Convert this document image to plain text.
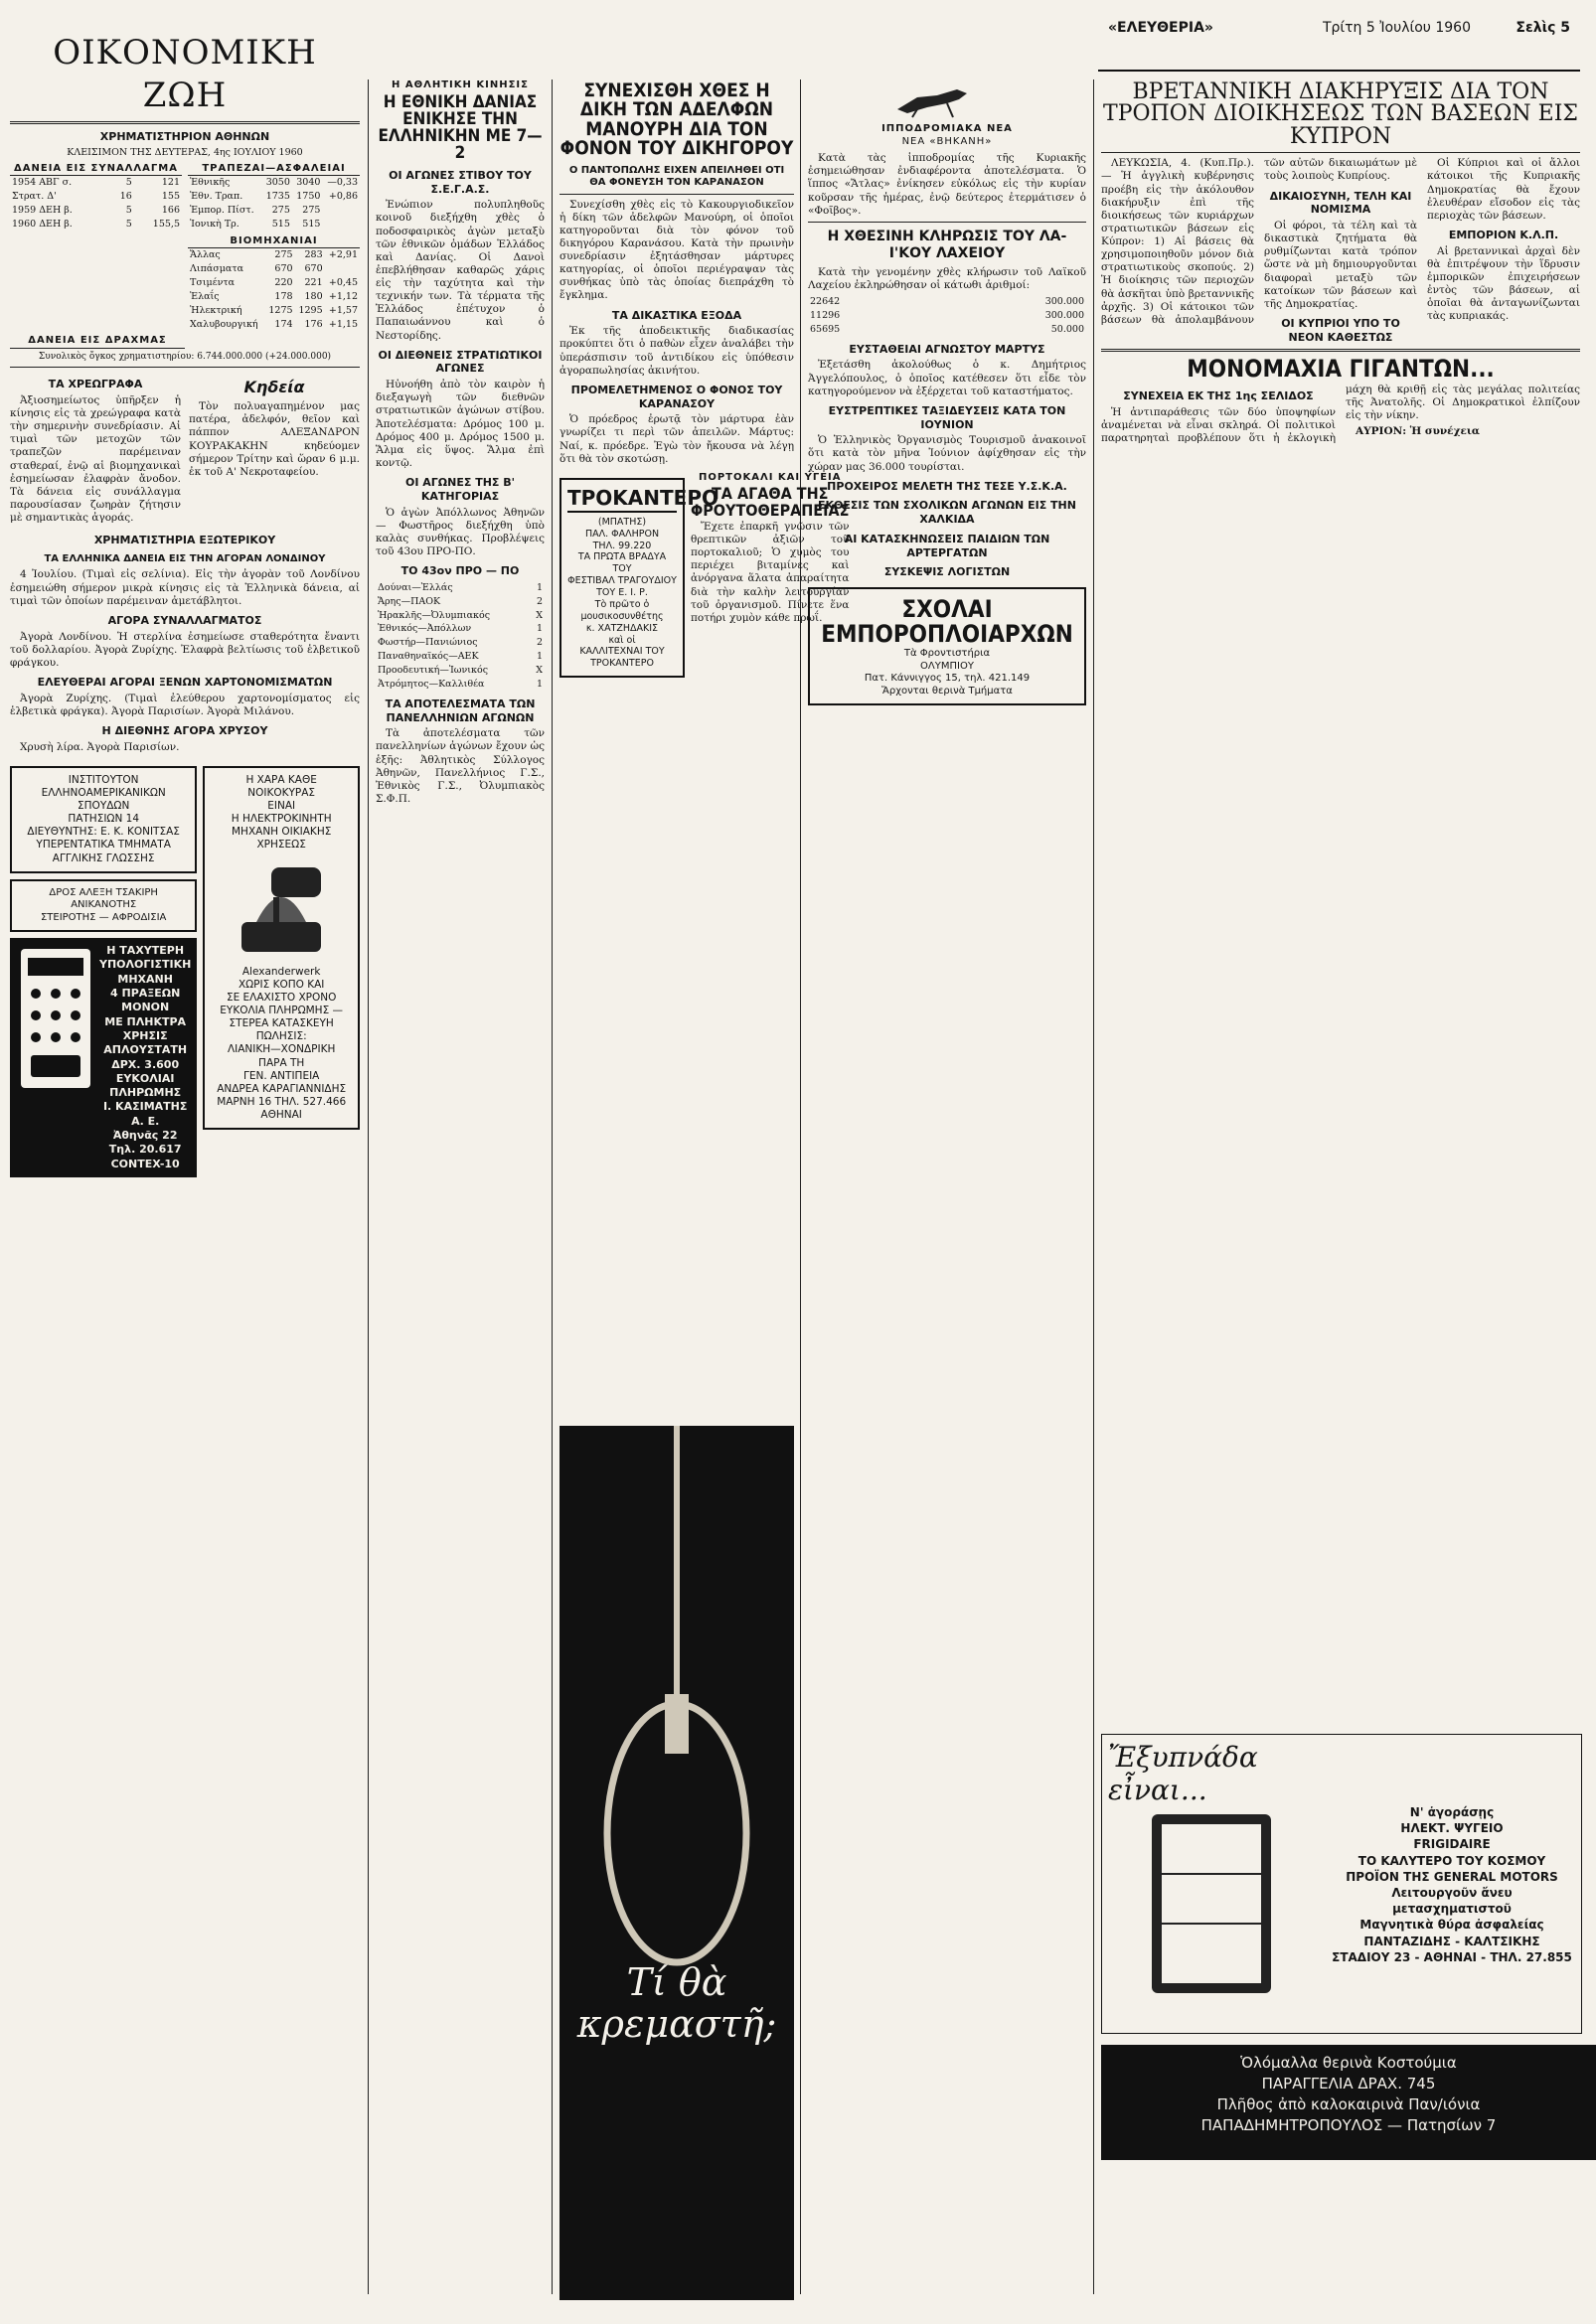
«ΕΛΕΥΘΕΡΙΑ»	Τρίτη 5 Ἰουλίου 1960	Σελὶς 5
ΟΙΚΟΝΟΜΙΚΗ ΖΩΗ
ΧΡΗΜΑΤΙΣΤΗΡΙΟΝ ΑΘΗΝΩΝ
ΚΛΕΙΣΙΜΟΝ ΤΗΣ ΔΕΥΤΕΡΑΣ, 4ης ΙΟΥΛΙΟΥ 1960
ΔΑΝΕΙΑ ΕΙΣ ΣΥΝΑΛΛΑΓΜΑ
1954 ΑΒΓ σ.	5	121
Στρατ. Δ'	16	155
1959 ΔΕΗ β.	5	166
1960 ΔΕΗ β.	5	155,5
ΤΡΑΠΕΖΑΙ—ΑΣΦΑΛΕΙΑΙ
Ἐθνικῆς	3050	3040	—0,33
Ἐθν. Τραπ.	1735	1750	+0,86
Ἐμπορ. Πίστ.	275	275	
Ἰονικὴ Τρ.	515	515	
ΒΙΟΜΗΧΑΝΙΑΙ
Ἄλλας	275	283	+2,91
Λιπάσματα	670	670	
Τσιμέντα	220	221	+0,45
Ἐλαΐς	178	180	+1,12
Ἠλεκτρική	1275	1295	+1,57
Χαλυβουργική	174	176	+1,15
ΔΑΝΕΙΑ ΕΙΣ ΔΡΑΧΜΑΣ
Συνολικὸς ὄγκος χρηματιστηρίου: 6.744.000.000 (+24.000.000)
ΤΑ ΧΡΕΩΓΡΑΦΑ

Ἀξιοσημείωτος ὑπῆρξεν ἡ κίνησις εἰς τὰ χρεώγραφα κατὰ τὴν σημερινὴν συνεδρίασιν. Αἱ τιμαὶ τῶν μετοχῶν τῶν τραπεζῶν παρέμειναν σταθεραί, ἐνῷ αἱ βιομηχανικαὶ ἐσημείωσαν ἐλαφρὰν ἄνοδον. Τὰ δάνεια εἰς συνάλλαγμα παρουσίασαν ζωηρὰν ζήτησιν μὲ σημαντικὰς ἀγοράς.

Κηδεία

Τὸν πολυαγαπημένον μας πατέρα, ἀδελφόν, θεῖον καὶ πάππον ΑΛΕΞΑΝΔΡΟΝ ΚΟΥΡΑΚΑΚΗΝ κηδεύομεν σήμερον Τρίτην καὶ ὥραν 6 μ.μ. ἐκ τοῦ Α' Νεκροταφείου.

ΧΡΗΜΑΤΙΣΤΗΡΙΑ ΕΞΩΤΕΡΙΚΟΥ
ΤΑ ΕΛΛΗΝΙΚΑ ΔΑΝΕΙΑ ΕΙΣ ΤΗΝ ΑΓΟΡΑΝ ΛΟΝΔΙΝΟΥ

4 Ἰουλίου. (Τιμαὶ εἰς σελίνια). Εἰς τὴν ἀγορὰν τοῦ Λονδίνου ἐσημειώθη σήμερον μικρὰ κίνησις εἰς τὰ Ἑλληνικὰ δάνεια, αἱ τιμαὶ τῶν ὁποίων παρέμειναν ἀμετάβλητοι.

ΑΓΟΡΑ ΣΥΝΑΛΛΑΓΜΑΤΟΣ

Ἀγορὰ Λονδίνου. Ἡ στερλίνα ἐσημείωσε σταθερότητα ἔναντι τοῦ δολλαρίου. Ἀγορὰ Ζυρίχης. Ἐλαφρὰ βελτίωσις τοῦ ἑλβετικοῦ φράγκου.

ΕΛΕΥΘΕΡΑΙ ΑΓΟΡΑΙ ΞΕΝΩΝ ΧΑΡΤΟΝΟΜΙΣΜΑΤΩΝ

Ἀγορὰ Ζυρίχης. (Τιμαὶ ἐλεύθερου χαρτονομίσματος εἰς ἑλβετικὰ φράγκα). Ἀγορὰ Παρισίων. Ἀγορὰ Μιλάνου.

Η ΔΙΕΘΝΗΣ ΑΓΟΡΑ ΧΡΥΣΟΥ

Χρυσὴ λίρα. Ἀγορὰ Παρισίων.

ΙΝΣΤΙΤΟΥΤΟΝ
ΕΛΛΗΝΟΑΜΕΡΙΚΑΝΙΚΩΝ
ΣΠΟΥΔΩΝ
ΠΑΤΗΣΙΩΝ 14
ΔΙΕΥΘΥΝΤΗΣ: Ε. Κ. ΚΟΝΙΤΣΑΣ
ΥΠΕΡΕΝΤΑΤΙΚΑ ΤΜΗΜΑΤΑ
ΑΓΓΛΙΚΗΣ ΓΛΩΣΣΗΣ
ΔΡΟΣ ΑΛΕΞΗ ΤΣΑΚΙΡΗ
ΑΝΙΚΑΝΟΤΗΣ
ΣΤΕΙΡΟΤΗΣ — ΑΦΡΟΔΙΣΙΑ
Η ΤΑΧΥΤΕΡΗ
ΥΠΟΛΟΓΙΣΤΙΚΗ
ΜΗΧΑΝΗ
4 ΠΡΑΞΕΩΝ
ΜΟΝΟΝ
ΜΕ ΠΛΗΚΤΡΑ
ΧΡΗΣΙΣ
ΑΠΛΟΥΣΤΑΤΗ
ΔΡΧ. 3.600
ΕΥΚΟΛΙΑΙ
ΠΛΗΡΩΜΗΣ
Ι. ΚΑΣΙΜΑΤΗΣ Α. Ε.
Ἀθηνᾶς 22 Τηλ. 20.617
CONTEX-10
Η ΧΑΡΑ ΚΑΘΕ
ΝΟΙΚΟΚΥΡΑΣ
ΕΙΝΑΙ
Η ΗΛΕΚΤΡΟΚΙΝΗΤΗ
ΜΗΧΑΝΗ ΟΙΚΙΑΚΗΣ
ΧΡΗΣΕΩΣ
Alexanderwerk
ΧΩΡΙΣ ΚΟΠΟ ΚΑΙ
ΣΕ ΕΛΑΧΙΣΤΟ ΧΡΟΝΟ
ΕΥΚΟΛΙΑ ΠΛΗΡΩΜΗΣ —
ΣΤΕΡΕΑ ΚΑΤΑΣΚΕΥΗ
ΠΩΛΗΣΙΣ:
ΛΙΑΝΙΚΗ—ΧΟΝΔΡΙΚΗ
ΠΑΡΑ ΤΗ
ΓΕΝ. ΑΝΤΙΠΕΙΑ
ΑΝΔΡΕΑ ΚΑΡΑΓΙΑΝΝΙΔΗΣ
ΜΑΡΝΗ 16 ΤΗΛ. 527.466
ΑΘΗΝΑΙ
Η ΑΘΛΗΤΙΚΗ ΚΙΝΗΣΙΣ
Η ΕΘΝΙΚΗ ΔΑΝΙΑΣ ΕΝΙΚΗΣΕ ΤΗΝ ΕΛΛΗΝΙΚΗΝ ΜΕ 7—2
ΟΙ ΑΓΩΝΕΣ ΣΤΙΒΟΥ ΤΟΥ Σ.Ε.Γ.Α.Σ.

Ἐνώπιον πολυπληθοῦς κοινοῦ διεξήχθη χθὲς ὁ ποδοσφαιρικὸς ἀγὼν μεταξὺ τῶν ἐθνικῶν ὁμάδων Ἑλλάδος καὶ Δανίας. Οἱ Δανοὶ ἐπεβλήθησαν καθαρῶς χάρις εἰς τὴν ταχύτητα καὶ τὴν τεχνικήν των. Τὰ τέρματα τῆς Ἑλλάδος ἐπέτυχον ὁ Παπαιωάννου καὶ ὁ Νεστορίδης.

ΟΙ ΔΙΕΘΝΕΙΣ ΣΤΡΑΤΙΩΤΙΚΟΙ ΑΓΩΝΕΣ

Ηὐνοήθη ἀπὸ τὸν καιρὸν ἡ διεξαγωγὴ τῶν διεθνῶν στρατιωτικῶν ἀγώνων στίβου. Ἀποτελέσματα: Δρόμος 100 μ. Δρόμος 400 μ. Δρόμος 1500 μ. Ἅλμα εἰς ὕψος. Ἅλμα ἐπὶ κοντῷ.

ΟΙ ΑΓΩΝΕΣ ΤΗΣ Β' ΚΑΤΗΓΟΡΙΑΣ

Ὁ ἀγὼν Ἀπόλλωνος Ἀθηνῶν — Φωστῆρος διεξήχθη ὑπὸ καλὰς συνθήκας. Προβλέψεις τοῦ 43ου ΠΡΟ-ΠΟ.

ΤΟ 43ον ΠΡΟ — ΠΟ
Δούναι—Ἐλλάς	1
Ἄρης—ΠΑΟΚ	2
Ἡρακλῆς—Ὀλυμπιακός	X
Ἐθνικός—Ἀπόλλων	1
Φωστήρ—Πανιώνιος	2
Παναθηναϊκός—ΑΕΚ	1
Προοδευτική—Ἰωνικός	X
Ἀτρόμητος—Καλλιθέα	1
ΤΑ ΑΠΟΤΕΛΕΣΜΑΤΑ ΤΩΝ ΠΑΝΕΛΛΗΝΙΩΝ ΑΓΩΝΩΝ

Τὰ ἀποτελέσματα τῶν πανελληνίων ἀγώνων ἔχουν ὡς ἑξῆς: Ἀθλητικὸς Σύλλογος Ἀθηνῶν, Πανελλήνιος Γ.Σ., Ἐθνικὸς Γ.Σ., Ὀλυμπιακὸς Σ.Φ.Π.

ΣΥΝΕΧΙΣΘΗ ΧΘΕΣ Η ΔΙΚΗ ΤΩΝ ΑΔΕΛΦΩΝ ΜΑΝΟΥΡΗ ΔΙΑ ΤΟΝ ΦΟΝΟΝ ΤΟΥ ΔΙΚΗΓΟΡΟΥ
Ο ΠΑΝΤΟΠΩΛΗΣ ΕΙΧΕΝ ΑΠΕΙΛΗΘΕΙ ΟΤΙ ΘΑ ΦΟΝΕΥΣΗ ΤΟΝ ΚΑΡΑΝΑΣΟΝ

Συνεχίσθη χθὲς εἰς τὸ Κακουργιοδικεῖον ἡ δίκη τῶν ἀδελφῶν Μανούρη, οἱ ὁποῖοι κατηγοροῦνται διὰ τὸν φόνον τοῦ δικηγόρου Καρανάσου. Κατὰ τὴν πρωινὴν συνεδρίασιν ἐξητάσθησαν μάρτυρες κατηγορίας, οἱ ὁποῖοι περιέγραψαν τὰς συνθήκας ὑπὸ τὰς ὁποίας διεπράχθη τὸ ἔγκλημα.

ΤΑ ΔΙΚΑΣΤΙΚΑ ΕΞΟΔΑ

Ἐκ τῆς ἀποδεικτικῆς διαδικασίας προκύπτει ὅτι ὁ παθὼν εἶχεν ἀναλάβει τὴν ὑπεράσπισιν τοῦ ἀντιδίκου εἰς ὑπόθεσιν ἀγοραπωλησίας ἀκινήτου.

ΠΡΟΜΕΛΕΤΗΜΕΝΟΣ Ο ΦΟΝΟΣ ΤΟΥ ΚΑΡΑΝΑΣΟΥ

Ὁ πρόεδρος ἐρωτᾷ τὸν μάρτυρα ἐὰν γνωρίζει τι περὶ τῶν ἀπειλῶν. Μάρτυς: Ναί, κ. πρόεδρε. Ἐγὼ τὸν ἤκουσα νὰ λέγῃ ὅτι θὰ τὸν σκοτώσῃ.

ΤΡΟΚΑΝΤΕΡΟ
(ΜΠΑΤΗΣ)
ΠΑΛ. ΦΑΛΗΡΟΝ
ΤΗΛ. 99.220
ΤΑ ΠΡΩΤΑ ΒΡΑΔΥΑ ΤΟΥ
ΦΕΣΤΙΒΑΛ ΤΡΑΓΟΥΔΙΟΥ
ΤΟΥ Ε. Ι. Ρ.
Τὸ πρῶτο ὁ μουσικοσυνθέτης
κ. ΧΑΤΖΗΔΑΚΙΣ
καὶ οἱ
ΚΑΛΛΙΤΕΧΝΑΙ ΤΟΥ
ΤΡΟΚΑΝΤΕΡΟ
ΠΟΡΤΟΚΑΛΙ ΚΑΙ ΥΓΕΙΑ
ΤΑ ΑΓΑΘΑ ΤΗΣ ΦΡΟΥΤΟΘΕΡΑΠΕΙΑΣ

Ἔχετε ἐπαρκῆ γνῶσιν τῶν θρεπτικῶν ἀξιῶν τοῦ πορτοκαλιοῦ; Ὁ χυμὸς του περιέχει βιταμίνες καὶ ἀνόργανα ἅλατα ἀπαραίτητα διὰ τὴν καλὴν λειτουργίαν τοῦ ὀργανισμοῦ. Πίνετε ἕνα ποτήρι χυμὸν κάθε πρωΐ.

ΙΠΠΟΔΡΟΜΙΑΚΑ ΝΕΑ
ΝΕΑ «ΒΗΚΑΝΗ»

Κατὰ τὰς ἱπποδρομίας τῆς Κυριακῆς ἐσημειώθησαν ἐνδιαφέροντα ἀποτελέσματα. Ὁ ἵππος «Ἄτλας» ἐνίκησεν εὐκόλως εἰς τὴν κυρίαν κοῦρσαν τῆς ἡμέρας, ἐνῷ δεύτερος ἐτερμάτισεν ὁ «Φοῖβος».

Η ΧΘΕΣΙΝΗ ΚΛΗΡΩΣΙΣ ΤΟΥ ΛΑ-Ι'ΚΟΥ ΛΑΧΕΙΟΥ

Κατὰ τὴν γενομένην χθὲς κλήρωσιν τοῦ Λαϊκοῦ Λαχείου ἐκληρώθησαν οἱ κάτωθι ἀριθμοί:

22642	300.000
11296	300.000
65695	50.000
ΕΥΣΤΑΘΕΙΑΙ ΑΓΝΩΣΤΟΥ ΜΑΡΤΥΣ

Ἐξετάσθη ἀκολούθως ὁ κ. Δημήτριος Ἀγγελόπουλος, ὁ ὁποῖος κατέθεσεν ὅτι εἶδε τὸν κατηγορούμενον νὰ ἐξέρχεται τοῦ καταστήματος.

ΕΥΣΤΡΕΠΤΙΚΕΣ ΤΑΞΙΔΕΥΣΕΙΣ ΚΑΤΑ ΤΟΝ ΙΟΥΝΙΟΝ

Ὁ Ἑλληνικὸς Ὀργανισμὸς Τουρισμοῦ ἀνακοινοῖ ὅτι κατὰ τὸν μῆνα Ἰούνιον ἀφίχθησαν εἰς τὴν χώραν μας 36.000 τουρίσται.

ΠΡΟΧΕΙΡΟΣ ΜΕΛΕΤΗ ΤΗΣ ΤΕΣΕ Υ.Σ.Κ.Α.
ΕΚΘΕΣΙΣ ΤΩΝ ΣΧΟΛΙΚΩΝ ΑΓΩΝΩΝ ΕΙΣ ΤΗΝ ΧΑΛΚΙΔΑ
ΑΙ ΚΑΤΑΣΚΗΝΩΣΕΙΣ ΠΑΙΔΙΩΝ ΤΩΝ ΑΡΤΕΡΓΑΤΩΝ
ΣΥΣΚΕΨΙΣ ΛΟΓΙΣΤΩΝ
ΣΧΟΛΑΙ ΕΜΠΟΡΟΠΛΟΙΑΡΧΩΝ
Τὰ Φροντιστήρια
ΟΛΥΜΠΙΟΥ
Πατ. Κάννιγγος 15, τηλ. 421.149
Ἄρχονται θερινὰ Τμήματα
ΒΡΕΤΑΝΝΙΚΗ ΔΙΑΚΗΡΥΞΙΣ ΔΙΑ ΤΟΝ ΤΡΟΠΟΝ ΔΙΟΙΚΗΣΕΩΣ ΤΩΝ ΒΑΣΕΩΝ ΕΙΣ ΚΥΠΡΟΝ

ΛΕΥΚΩΣΙΑ, 4. (Κυπ.Πρ.). — Ἡ ἀγγλικὴ κυβέρνησις προέβη εἰς τὴν ἀκόλουθον διακήρυξιν ἐπὶ τῆς διοικήσεως τῶν κυριάρχων στρατιωτικῶν βάσεων εἰς Κύπρον: 1) Αἱ βάσεις θὰ χρησιμοποιηθοῦν μόνον διὰ στρατιωτικοὺς σκοπούς. 2) Ἡ διοίκησις τῶν περιοχῶν θὰ ἀσκῆται ὑπὸ βρεταννικῆς ἀρχῆς. 3) Οἱ κάτοικοι τῶν βάσεων θὰ ἀπολαμβάνουν τῶν αὐτῶν δικαιωμάτων μὲ τοὺς λοιποὺς Κυπρίους.

ΔΙΚΑΙΟΣΥΝΗ, ΤΕΛΗ ΚΑΙ ΝΟΜΙΣΜΑ

Οἱ φόροι, τὰ τέλη καὶ τὰ δικαστικὰ ζητήματα θὰ ρυθμίζωνται κατὰ τρόπον ὥστε νὰ μὴ δημιουργοῦνται διαφοραὶ μεταξὺ τῶν κατοίκων τῶν βάσεων καὶ τῆς Δημοκρατίας.

ΟΙ ΚΥΠΡΙΟΙ ΥΠΟ ΤΟ ΝΕΟΝ ΚΑΘΕΣΤΩΣ

Οἱ Κύπριοι καὶ οἱ ἄλλοι κάτοικοι τῆς Κυπριακῆς Δημοκρατίας θὰ ἔχουν ἐλευθέραν εἴσοδον εἰς τὰς περιοχὰς τῶν βάσεων.

ΕΜΠΟΡΙΟΝ Κ.Λ.Π.

Αἱ βρεταννικαὶ ἀρχαὶ δὲν θὰ ἐπιτρέψουν τὴν ἵδρυσιν ἐμπορικῶν ἐπιχειρήσεων ἐντὸς τῶν βάσεων, αἱ ὁποῖαι θὰ ἀνταγωνίζωνται τὰς κυπριακάς.

ΜΟΝΟΜΑΧΙΑ ΓΙΓΑΝΤΩΝ...
ΣΥΝΕΧΕΙΑ ΕΚ ΤΗΣ 1ης ΣΕΛΙΔΟΣ

Ἡ ἀντιπαράθεσις τῶν δύο ὑποψηφίων ἀναμένεται νὰ εἶναι σκληρά. Οἱ πολιτικοὶ παρατηρηταὶ προβλέπουν ὅτι ἡ ἐκλογικὴ μάχη θὰ κριθῇ εἰς τὰς μεγάλας πολιτείας τῆς Ἀνατολῆς. Οἱ Δημοκρατικοὶ ἐλπίζουν εἰς τὴν νίκην.

ΑΥΡΙΟΝ: Ἡ συνέχεια

Τί θὰ κρεμαστῆ;
Ἔξυπνάδα
εἶναι...
Ν' ἀγοράσῃς
ΗΛΕΚΤ. ΨΥΓΕΙΟ
FRIGIDAIRE
ΤΟ ΚΑΛΥΤΕΡΟ ΤΟΥ ΚΟΣΜΟΥ
ΠΡΟΪΟΝ ΤΗΣ GENERAL MOTORS
Λειτουργοῦν ἄνευ μετασχηματιστοῦ
Μαγνητικὰ θύρα ἀσφαλείας
ΠΑΝΤΑΖΙΔΗΣ - ΚΑΛΤΣΙΚΗΣ
ΣΤΑΔΙΟΥ 23 - ΑΘΗΝΑΙ - ΤΗΛ. 27.855
Ὁλόμαλλα θερινὰ Κοστούμια
ΠΑΡΑΓΓΕΛΙΑ ΔΡΑΧ. 745
Πλῆθος ἀπὸ καλοκαιρινὰ Παν/ιόνια
ΠΑΠΑΔΗΜΗΤΡΟΠΟΥΛΟΣ — Πατησίων 7
